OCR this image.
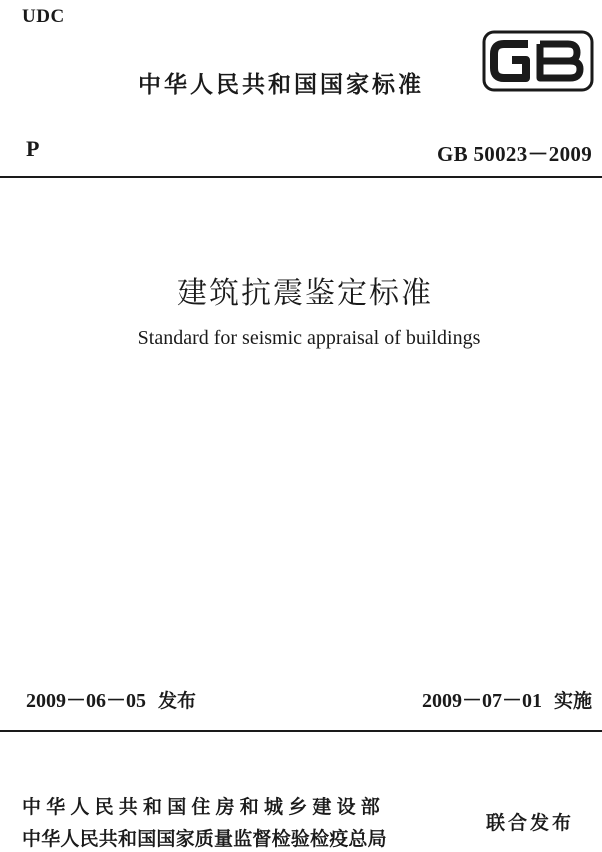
UDC
中华人民共和国国家标准
GB
P	GB 50023－2009
建筑抗震鉴定标准
Standard for seismic appraisal of buildings
2009－06－05 发布	2009－07－01 实施
中华人民共和国住房和城乡建设部
中华人民共和国国家质量监督检验检疫总局
联合发布
